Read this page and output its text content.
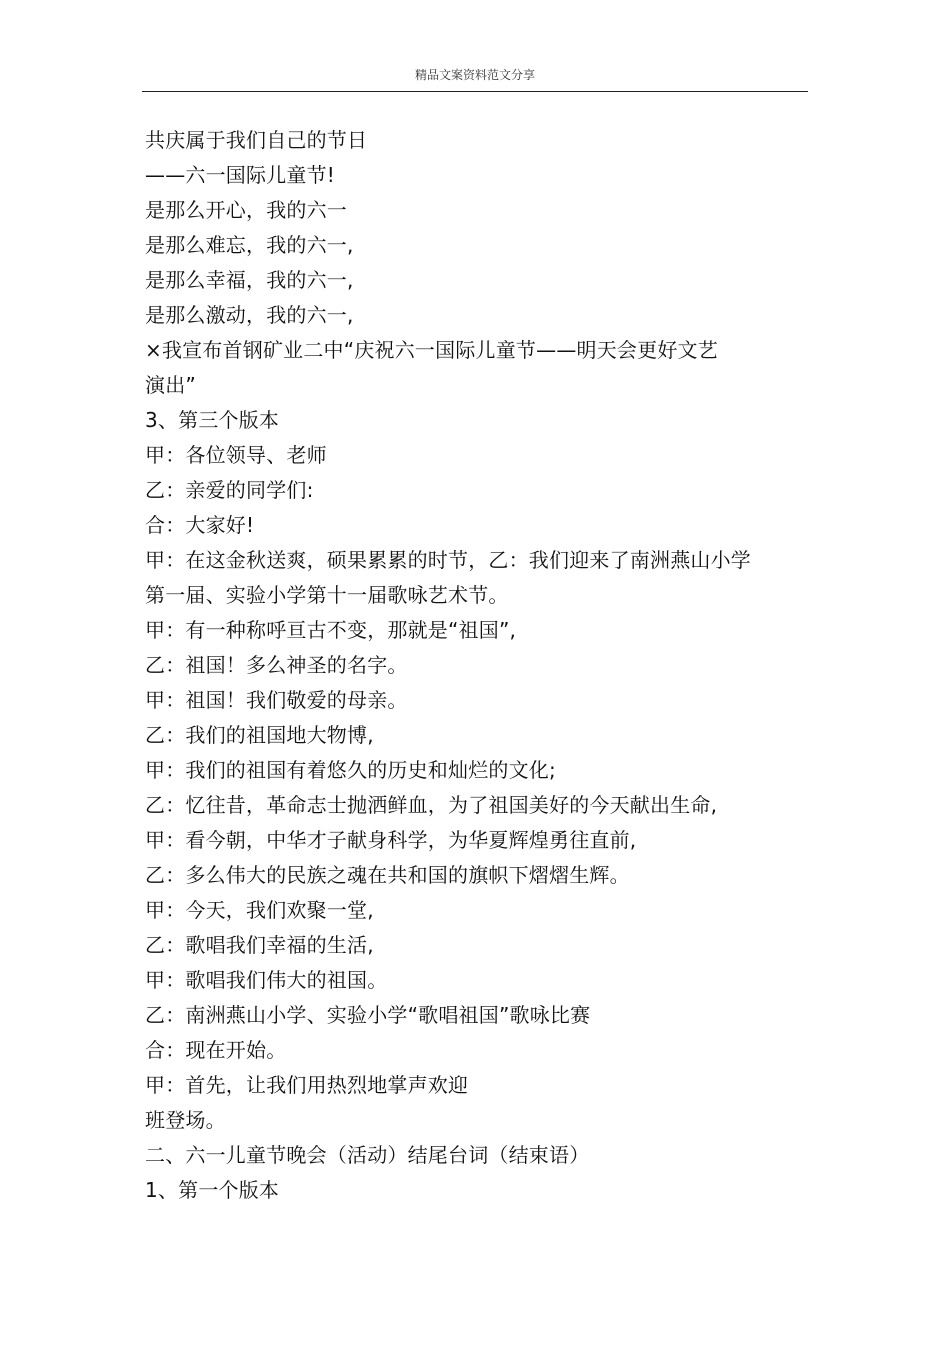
精品文案资料范文分享
共庆属于我们自己的节日
——六一国际儿童节!
是那么开心，我的六一
是那么难忘，我的六一,
是那么幸福，我的六一,
是那么激动，我的六一,
×我宣布首钢矿业二中“庆祝六一国际儿童节——明天会更好文艺
演出”
3、第三个版本
甲：各位领导、老师
乙：亲爱的同学们:
合：大家好!
甲：在这金秋送爽，硕果累累的时节，乙：我们迎来了南洲燕山小学
第一届、实验小学第十一届歌咏艺术节。
甲：有一种称呼亘古不变，那就是“祖国”,
乙：祖国！多么神圣的名字。
甲：祖国！我们敬爱的母亲。
乙：我们的祖国地大物博,
甲：我们的祖国有着悠久的历史和灿烂的文化;
乙：忆往昔，革命志士抛洒鲜血，为了祖国美好的今天献出生命,
甲：看今朝，中华才子献身科学，为华夏辉煌勇往直前,
乙：多么伟大的民族之魂在共和国的旗帜下熠熠生辉。
甲：今天，我们欢聚一堂,
乙：歌唱我们幸福的生活,
甲：歌唱我们伟大的祖国。
乙：南洲燕山小学、实验小学“歌唱祖国”歌咏比赛
合：现在开始。
甲：首先，让我们用热烈地掌声欢迎
班登场。
二、六一儿童节晚会（活动）结尾台词（结束语）
1、第一个版本
